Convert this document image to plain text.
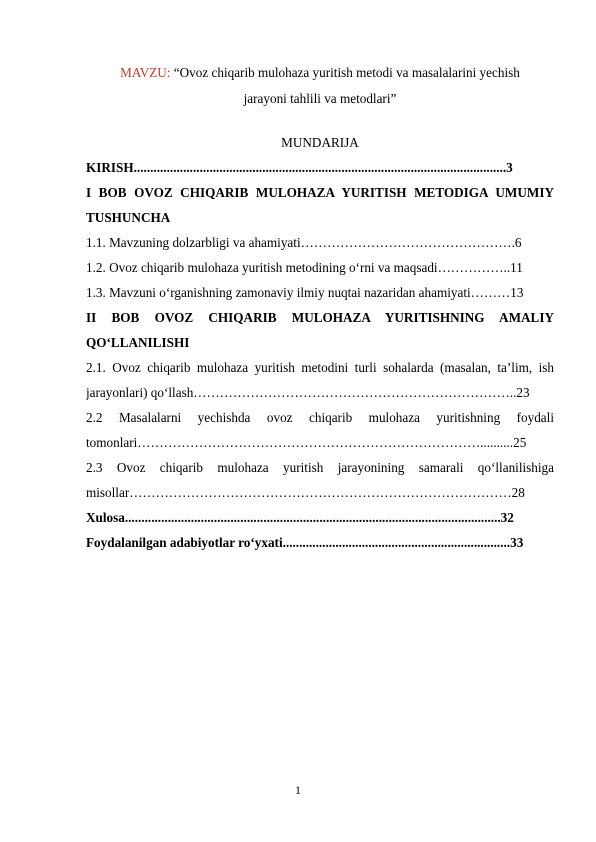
MAVZU: “Ovoz chiqarib mulohaza yuritish metodi va masalalarini yechish
jarayoni tahlili va metodlari”
MUNDARIJA
KIRISH.................................................................................................................3
I BOB OVOZ CHIQARIB MULOHAZA YURITISH METODIGA UMUMIY
TUSHUNCHA
1.1. Mavzuning dolzarbligi va ahamiyati………………………………………….6
1.2. Ovoz chiqarib mulohaza yuritish metodining o‘rni va maqsadi……………..11
1.3. Mavzuni o‘rganishning zamonaviy ilmiy nuqtai nazaridan ahamiyati………13
II BOB OVOZ CHIQARIB MULOHAZA YURITISHNING AMALIY
QO‘LLANILISHI
2.1. Ovoz chiqarib mulohaza yuritish metodini turli sohalarda (masalan, ta’lim, ish
jarayonlari) qo‘llash………………………………………………………………..23
2.2 Masalalarni yechishda ovoz chiqarib mulohaza yuritishning foydali
tomonlari……………………………………………………………………..........25
2.3 Ovoz chiqarib mulohaza yuritish jarayonining samarali qo‘llanilishiga
misollar……………………………………………………………………………28
Xulosa..................................................................................................................32
Foydalanilgan adabiyotlar ro‘yxati.....................................................................33
1
